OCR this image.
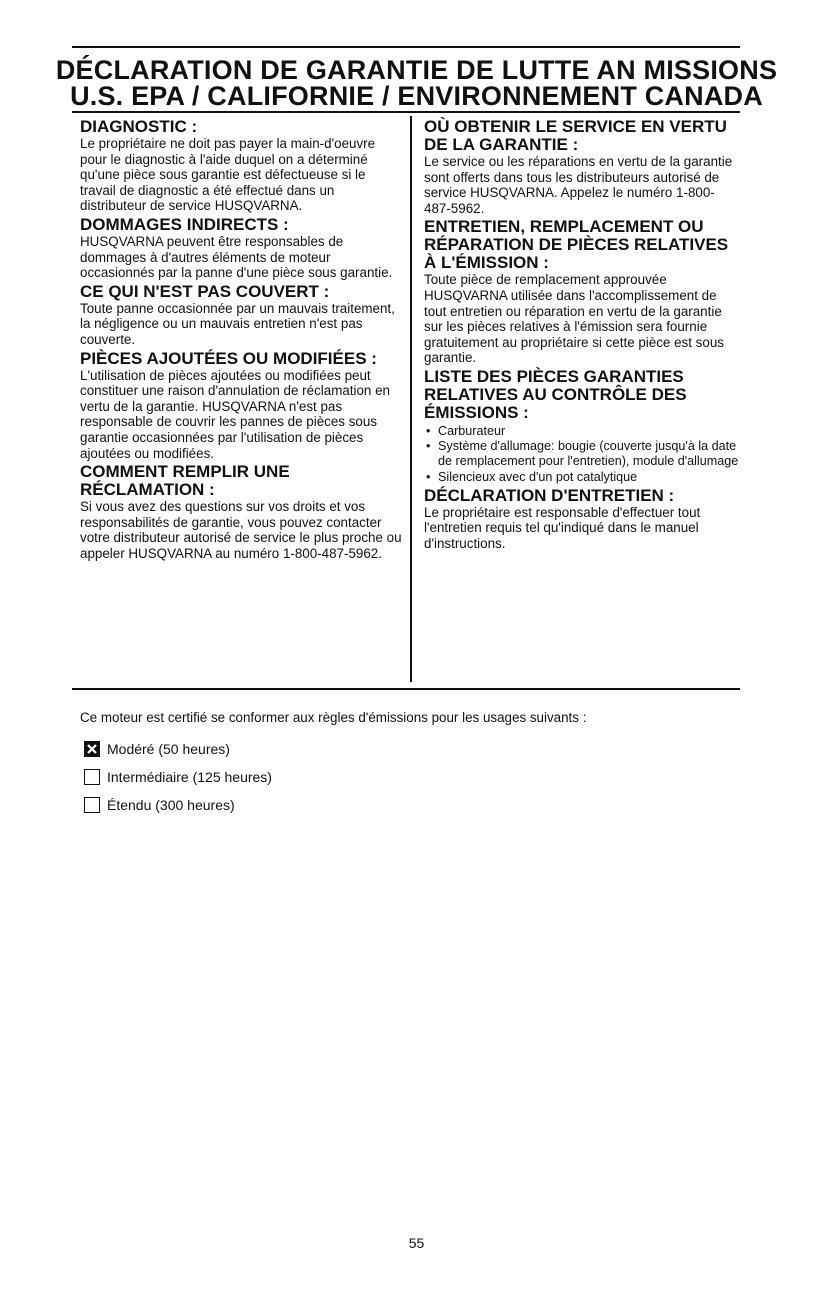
DÉCLARATION DE GARANTIE DE LUTTE AN MISSIONS
U.S. EPA / CALIFORNIE / ENVIRONNEMENT CANADA
DIAGNOSTIC :

Le propriétaire ne doit pas payer la main-d'oeuvre pour le diagnostic à l'aide duquel on a déterminé qu'une pièce sous garantie est défectueuse si le travail de diagnostic a été effectué dans un distributeur de service HUSQVARNA.

DOMMAGES INDIRECTS :

HUSQVARNA peuvent être responsables de dommages à d'autres éléments de moteur occasionnés par la panne d'une pièce sous garantie.

CE QUI N'EST PAS COUVERT :

Toute panne occasionnée par un mauvais traitement, la négligence ou un mauvais entretien n'est pas couverte.

PIÈCES AJOUTÉES OU MODIFIÉES :

L'utilisation de pièces ajoutées ou modifiées peut constituer une raison d'annulation de réclamation en vertu de la garantie. HUSQVARNA n'est pas responsable de couvrir les pannes de pièces sous garantie occasionnées par l'utilisation de pièces ajoutées ou modifiées.

COMMENT REMPLIR UNE RÉCLAMATION :

Si vous avez des questions sur vos droits et vos responsabilités de garantie, vous pouvez contacter votre distributeur autorisé de service le plus proche ou appeler HUSQVARNA au numéro 1-800-487-5962.

OÙ OBTENIR LE SERVICE EN VERTU DE LA GARANTIE :

Le service ou les réparations en vertu de la garantie sont offerts dans tous les distributeurs autorisé de service HUSQVARNA. Appelez le numéro 1-800-487-5962.

ENTRETIEN, REMPLACEMENT OU RÉPARATION DE PIÈCES RELATIVES À L'ÉMISSION :

Toute pièce de remplacement approuvée HUSQVARNA utilisée dans l'accomplissement de tout entretien ou réparation en vertu de la garantie sur les pièces relatives à l'émission sera fournie gratuitement au propriétaire si cette pièce est sous garantie.

LISTE DES PIÈCES GARANTIES RELATIVES AU CONTRÔLE DES ÉMISSIONS :
• Carburateur
• Système d'allumage: bougie (couverte jusqu'à la date de remplacement pour l'entretien), module d'allumage
• Silencieux avec d'un pot catalytique
DÉCLARATION D'ENTRETIEN :

Le propriétaire est responsable d'effectuer tout l'entretien requis tel qu'indiqué dans le manuel d'instructions.

Ce moteur est certifié se conformer aux règles d'émissions pour les usages suivants :
Modéré (50 heures)
Intermédiaire (125 heures)
Étendu (300 heures)
55
